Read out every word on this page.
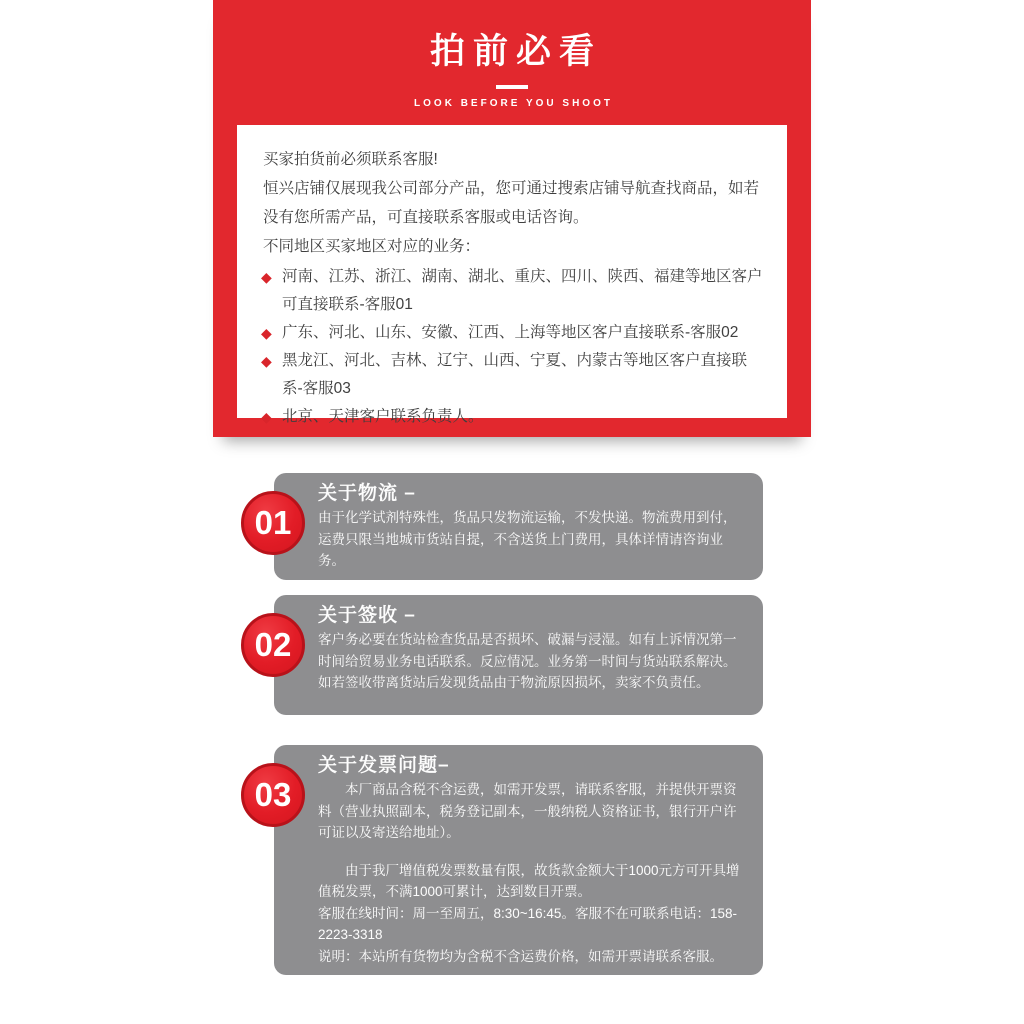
拍前必看
LOOK BEFORE YOU SHOOT

买家拍货前必须联系客服!

恒兴店铺仅展现我公司部分产品，您可通过搜索店铺导航查找商品，如若没有您所需产品，可直接联系客服或电话咨询。

不同地区买家地区对应的业务：

◆ 河南、江苏、浙江、湖南、湖北、重庆、四川、陕西、福建等地区客户可直接联系-客服01
◆ 广东、河北、山东、安徽、江西、上海等地区客户直接联系-客服02
◆ 黑龙江、河北、吉林、辽宁、山西、宁夏、内蒙古等地区客户直接联系-客服03
◆ 北京、天津客户联系负责人。
01
关于物流 –

由于化学试剂特殊性，货品只发物流运输，不发快递。物流费用到付，运费只限当地城市货站自提，不含送货上门费用，具体详情请咨询业务。

02
关于签收 –

客户务必要在货站检查货品是否损坏、破漏与浸湿。如有上诉情况第一时间给贸易业务电话联系。反应情况。业务第一时间与货站联系解决。如若签收带离货站后发现货品由于物流原因损坏，卖家不负责任。

03
关于发票问题–

本厂商品含税不含运费，如需开发票，请联系客服，并提供开票资料（营业执照副本，税务登记副本，一般纳税人资格证书，银行开户许可证以及寄送给地址）。

由于我厂增值税发票数量有限，故货款金额大于1000元方可开具增值税发票，不满1000可累计，达到数目开票。

客服在线时间：周一至周五，8:30~16:45。客服不在可联系电话：158-2223-3318

说明：本站所有货物均为含税不含运费价格，如需开票请联系客服。
